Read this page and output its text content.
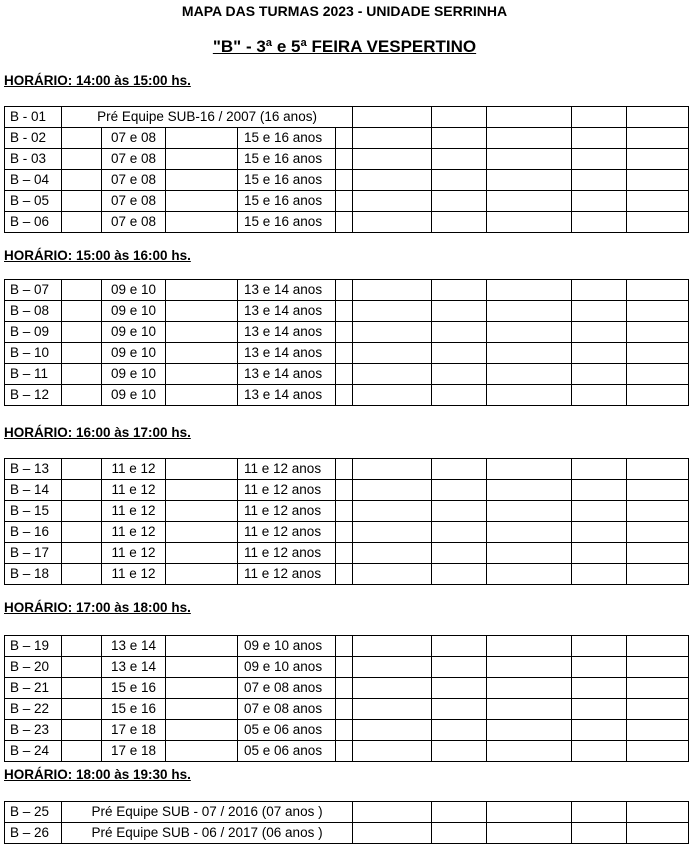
MAPA DAS TURMAS 2023 - UNIDADE SERRINHA
"B" - 3ª e 5ª FEIRA VESPERTINO
HORÁRIO: 14:00 às 15:00 hs.
B - 01	Pré Equipe SUB-16 / 2007 (16 anos)									
B - 02		07 e 08		15 e 16 anos						
B - 03		07 e 08		15 e 16 anos						
B – 04		07 e 08		15 e 16 anos						
B – 05		07 e 08		15 e 16 anos						
B – 06		07 e 08		15 e 16 anos						
HORÁRIO: 15:00 às 16:00 hs.
B – 07		09 e 10		13 e 14 anos						
B – 08		09 e 10		13 e 14 anos						
B – 09		09 e 10		13 e 14 anos						
B – 10		09 e 10		13 e 14 anos						
B – 11		09 e 10		13 e 14 anos						
B – 12		09 e 10		13 e 14 anos						
HORÁRIO: 16:00 às 17:00 hs.
B – 13		11 e 12		11 e 12 anos						
B – 14		11 e 12		11 e 12 anos						
B – 15		11 e 12		11 e 12 anos						
B – 16		11 e 12		11 e 12 anos						
B – 17		11 e 12		11 e 12 anos						
B – 18		11 e 12		11 e 12 anos						
HORÁRIO: 17:00 às 18:00 hs.
B – 19		13 e 14		09 e 10 anos						
B – 20		13 e 14		09 e 10 anos						
B – 21		15 e 16		07 e 08 anos						
B – 22		15 e 16		07 e 08 anos						
B – 23		17 e 18		05 e 06 anos						
B – 24		17 e 18		05 e 06 anos						
HORÁRIO: 18:00 às 19:30 hs.
B – 25	Pré Equipe SUB - 07 / 2016 (07 anos )					
B – 26	Pré Equipe SUB - 06 / 2017 (06 anos )					
